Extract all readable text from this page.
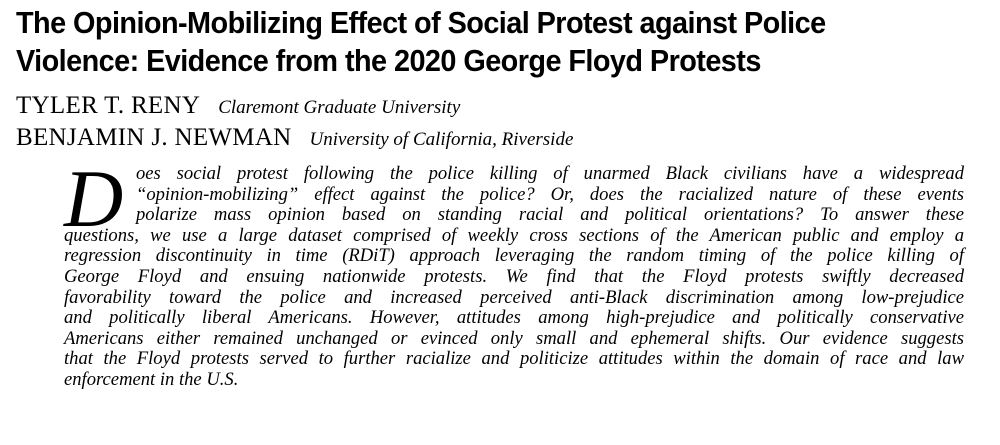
The Opinion-Mobilizing Effect of Social Protest against Police
Violence: Evidence from the 2020 George Floyd Protests
TYLER T. RENY Claremont Graduate University
BENJAMIN J. NEWMAN University of California, Riverside
D oes social protest following the police killing of unarmed Black civilians have a widespread
“opinion-mobilizing” effect against the police? Or, does the racialized nature of these events
polarize mass opinion based on standing racial and political orientations? To answer these
questions, we use a large dataset comprised of weekly cross sections of the American public and employ a
regression discontinuity in time (RDiT) approach leveraging the random timing of the police killing of
George Floyd and ensuing nationwide protests. We find that the Floyd protests swiftly decreased
favorability toward the police and increased perceived anti-Black discrimination among low-prejudice
and politically liberal Americans. However, attitudes among high-prejudice and politically conservative
Americans either remained unchanged or evinced only small and ephemeral shifts. Our evidence suggests
that the Floyd protests served to further racialize and politicize attitudes within the domain of race and law
enforcement in the U.S.
